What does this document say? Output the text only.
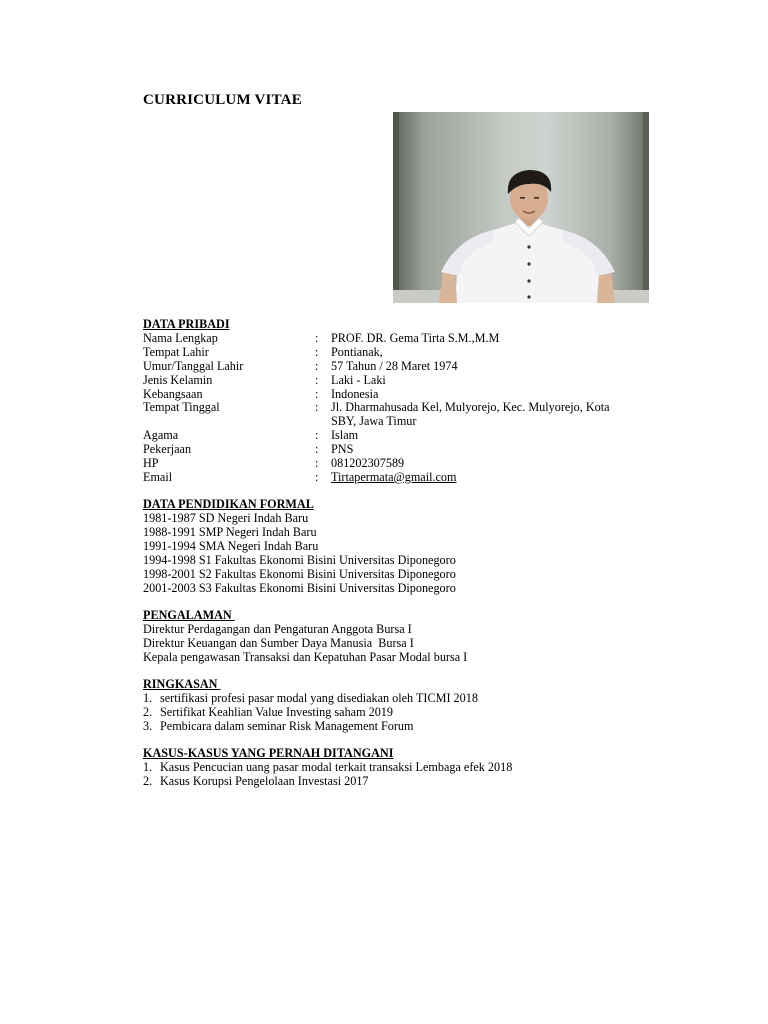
CURRICULUM VITAE
DATA PRIBADI
Nama Lengkap	:	PROF. DR. Gema Tirta S.M.,M.M
Tempat Lahir	:	Pontianak,
Umur/Tanggal Lahir	:	57 Tahun / 28 Maret 1974
Jenis Kelamin	:	Laki - Laki
Kebangsaan	:	Indonesia
Tempat Tinggal	:	Jl. Dharmahusada Kel, Mulyorejo, Kec. Mulyorejo, Kota SBY, Jawa Timur
Agama	:	Islam
Pekerjaan	:	PNS
HP	:	081202307589
Email	:	Tirtapermata@gmail.com
DATA PENDIDIKAN FORMAL
1981-1987 SD Negeri Indah Baru
1988-1991 SMP Negeri Indah Baru
1991-1994 SMA Negeri Indah Baru
1994-1998 S1 Fakultas Ekonomi Bisini Universitas Diponegoro
1998-2001 S2 Fakultas Ekonomi Bisini Universitas Diponegoro
2001-2003 S3 Fakultas Ekonomi Bisini Universitas Diponegoro
PENGALAMAN
Direktur Perdagangan dan Pengaturan Anggota Bursa I
Direktur Keuangan dan Sumber Daya Manusia  Bursa I
Kepala pengawasan Transaksi dan Kepatuhan Pasar Modal bursa I
RINGKASAN
1. sertifikasi profesi pasar modal yang disediakan oleh TICMI 2018
2. Sertifikat Keahlian Value Investing saham 2019
3. Pembicara dalam seminar Risk Management Forum
KASUS-KASUS YANG PERNAH DITANGANI
1. Kasus Pencucian uang pasar modal terkait transaksi Lembaga efek 2018
2. Kasus Korupsi Pengelolaan Investasi 2017
